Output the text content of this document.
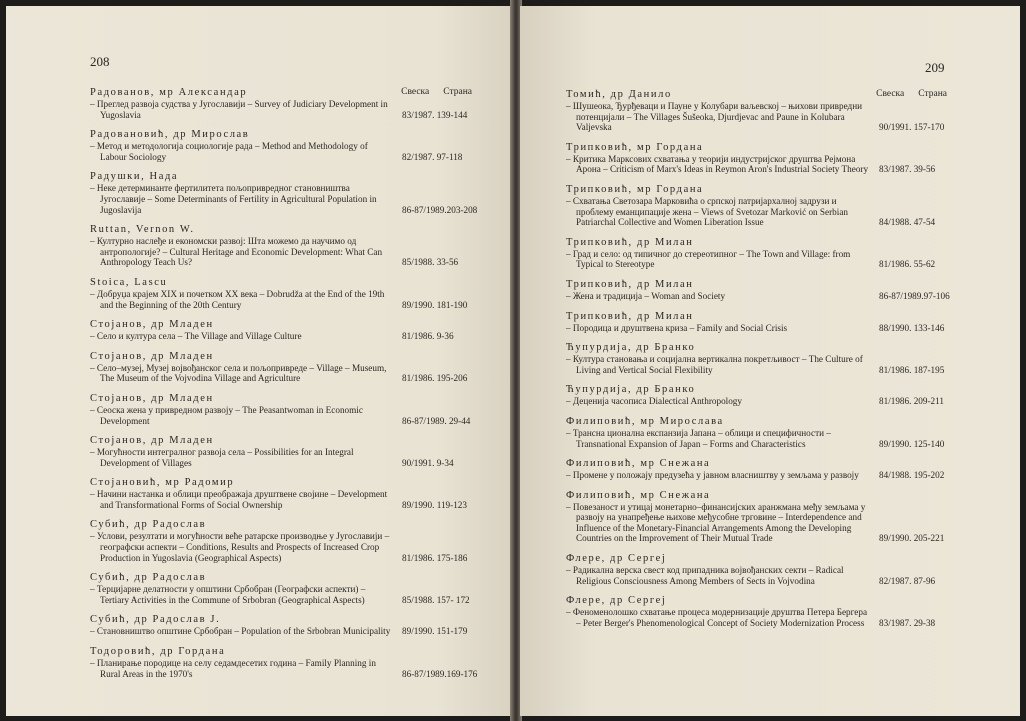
208
Свеска Страна
Радованов, мр Александар
– Преглед развоја судства у Југославији – Survey of Judiciary Development in Yugoslavia	83/1987. 139-144
Радовановић, др Мирослав
– Метод и методологија социологије рада – Method and Methodology of Labour Sociology	82/1987. 97-118
Радушки, Нада
– Неке детерминанте фертилитета пољопривредног становништва Југославије – Some Determinants of Fertility in Agricultural Population in Jugoslavija	86-87/1989.203-208
Ruttan, Vernon W.
– Културно наслеђе и економски развој: Шта можемо да научимо од антропологије? – Cultural Heritage and Economic Development: What Can Anthropology Teach Us?	85/1988. 33-56
Stoica, Lascu
– Добруџа крајем XIX и почетком XX века – Dobrudža at the End of the 19th and the Beginning of the 20th Century	89/1990. 181-190
Стојанов, др Младен
– Село и култура села – The Village and Village Culture	81/1986. 9-36
Стојанов, др Младен
– Село–музеј, Музеј војвођанског села и пољопривреде – Village – Museum, The Museum of the Vojvodina Village and Agriculture	81/1986. 195-206
Стојанов, др Младен
– Сеоска жена у привредном развоју – The Peasantwoman in Economic Development	86-87/1989. 29-44
Стојанов, др Младен
– Могућности интегралног развоја села – Possibilities for an Integral Development of Villages	90/1991. 9-34
Стојановић, мр Радомир
– Начини настанка и облици преображаја друштвене својине – Development and Transformational Forms of Social Ownership	89/1990. 119-123
Субић, др Радослав
– Услови, резултати и могућности веће ратарске производње у Југославији – географски аспекти – Conditions, Results and Prospects of Increased Crop Production in Yugoslavia (Geographical Aspects)	81/1986. 175-186
Субић, др Радослав
– Терцијарне делатности у општини Србобран (Географски аспекти) – Tertiary Activities in the Commune of Srbobran (Geographical Aspects)	85/1988. 157- 172
Субић, др Радослав Ј.
– Становништво општине Србобран – Population of the Srbobran Municipality	89/1990. 151-179
Тодоровић, др Гордана
– Планирање породице на селу седамдесетих година – Family Planning in Rural Areas in the 1970's	86-87/1989.169-176
209
Свеска Страна
Томић, др Данило
– Шушеока, Ђурђеваци и Пауне у Колубари ваљевској – њихови привредни потенцијали – The Villages Šušeoka, Djurdjevac and Paune in Kolubara Valjevska	90/1991. 157-170
Трипковић, мр Гордана
– Критика Марксових схватања у теорији индустријског друштва Рејмона Арона – Criticism of Marx's Ideas in Reymon Aron's Industrial Society Theory	83/1987. 39-56
Трипковић, мр Гордана
– Схватања Светозара Марковића о српској патријархалној задрузи и проблему еманципације жена – Views of Svetozar Marković on Serbian Patriarchal Collective and Women Liberation Issue	84/1988. 47-54
Трипковић, др Милан
– Град и село: од типичног до стереотипног – The Town and Village: from Typical to Stereotype	81/1986. 55-62
Трипковић, др Милан
– Жена и традиција – Woman and Society	86-87/1989.97-106
Трипковић, др Милан
– Породица и друштвена криза – Family and Social Crisis	88/1990. 133-146
Ћупурдија, др Бранко
– Култура становања и социјална вертикална покретљивост – The Culture of Living and Vertical Social Flexibility	81/1986. 187-195
Ћупурдија, др Бранко
– Деценија часописа Dialectical Anthropology	81/1986. 209-211
Филиповић, мр Мирослава
– Трансна ционална експанзија Јапана – облици и специфичности – Transnational Expansion of Japan – Forms and Characteristics	89/1990. 125-140
Филиповић, мр Снежана
– Промене у положају предузећа у јавном власништву у земљама у развоју	84/1988. 195-202
Филиповић, мр Снежана
– Повезаност и утицај монетарно–финансијских аранжмана међу земљама у развоју на унапређење њихове међусобне трговине – Interdependence and Influence of the Monetary-Financial Arrangements Among the Developing Countries on the Improvement of Their Mutual Trade	89/1990. 205-221
Флере, др Сергеј
– Радикална верска свест код припадника војвођанских секти – Radical Religious Consciousness Among Members of Sects in Vojvodina	82/1987. 87-96
Флере, др Сергеј
– Феноменолошко схватање процеса модернизације друштва Петера Бергера – Peter Berger's Phenomenological Concept of Society Modernization Process	83/1987. 29-38
